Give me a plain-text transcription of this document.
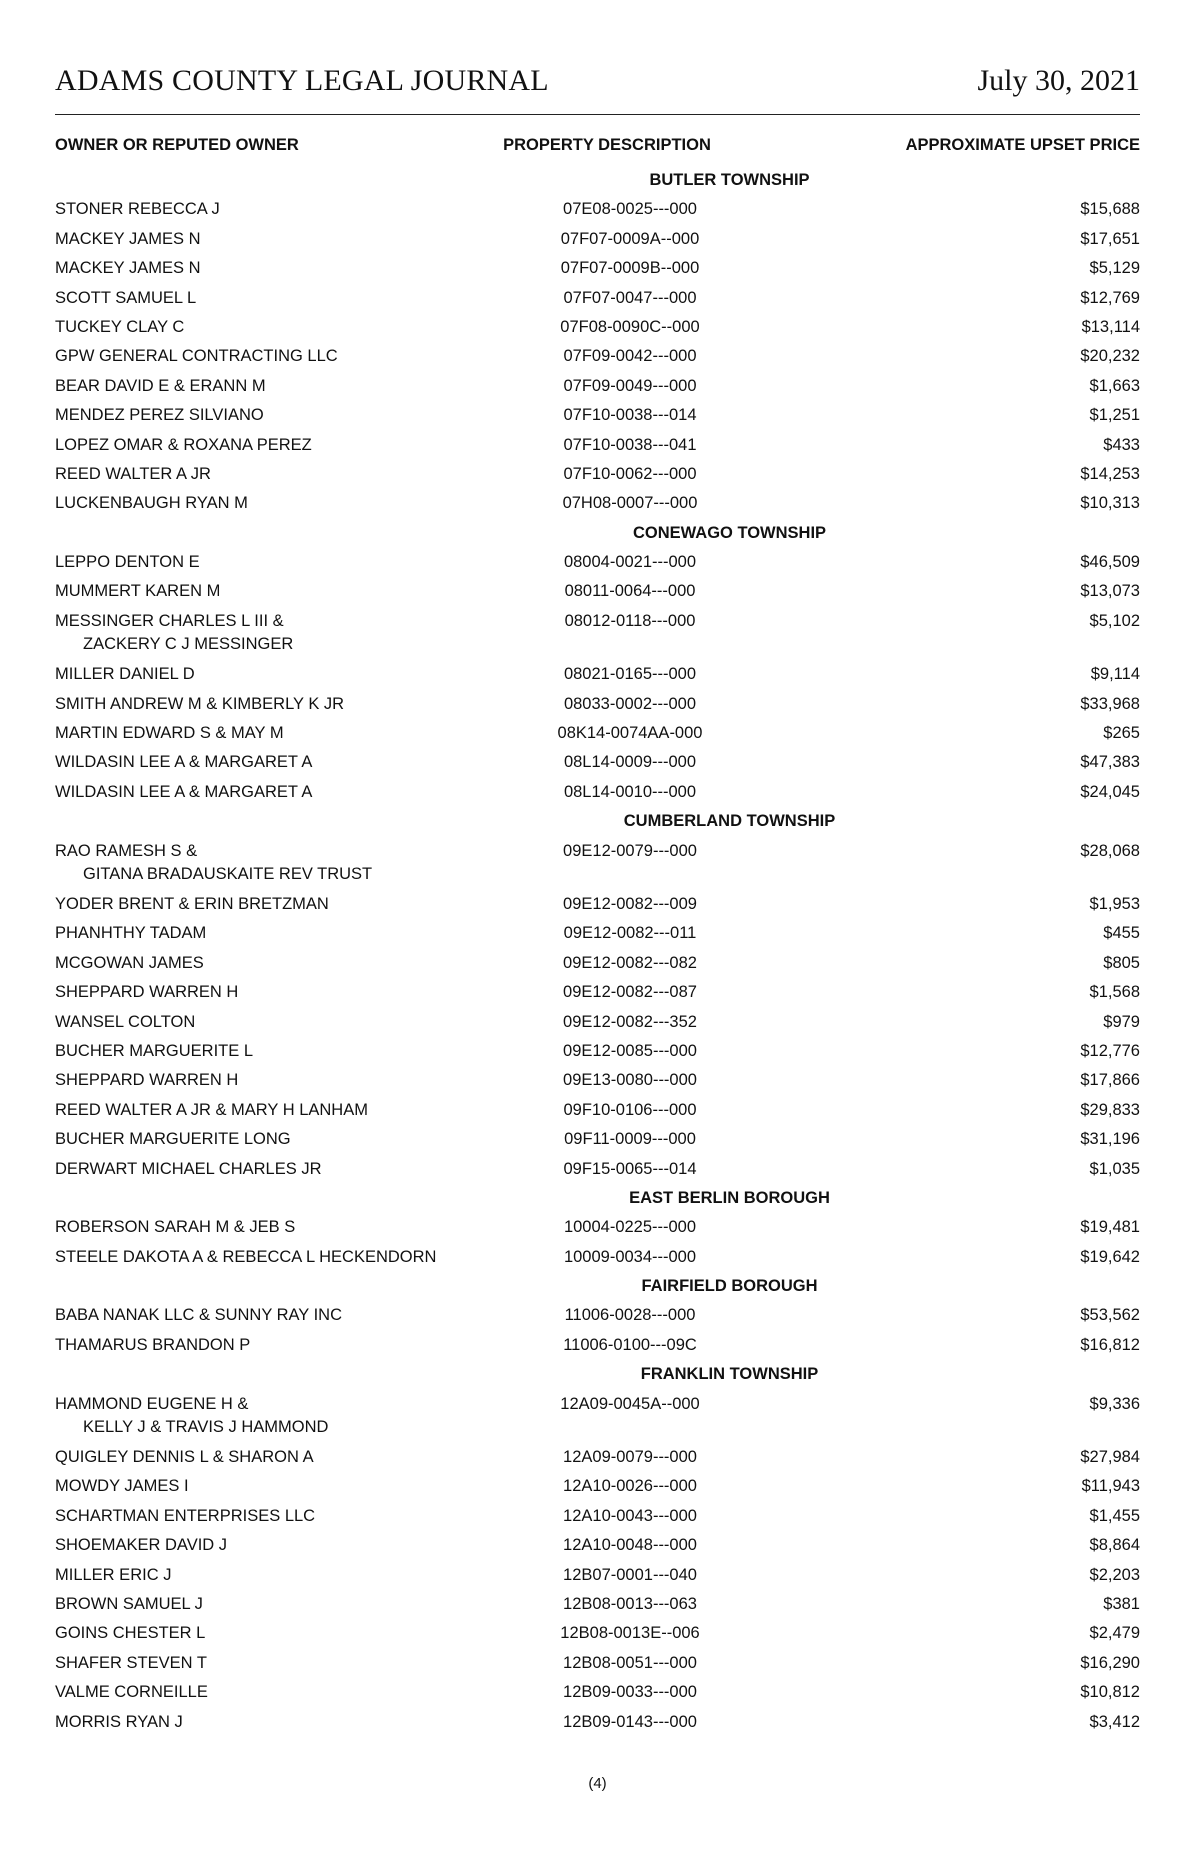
ADAMS COUNTY LEGAL JOURNAL	July 30, 2021
OWNER OR REPUTED OWNER	PROPERTY DESCRIPTION	APPROXIMATE UPSET PRICE
BUTLER TOWNSHIP
STONER REBECCA J	07E08-0025---000	$15,688
MACKEY JAMES N	07F07-0009A--000	$17,651
MACKEY JAMES N	07F07-0009B--000	$5,129
SCOTT SAMUEL L	07F07-0047---000	$12,769
TUCKEY CLAY C	07F08-0090C--000	$13,114
GPW GENERAL CONTRACTING LLC	07F09-0042---000	$20,232
BEAR DAVID E & ERANN M	07F09-0049---000	$1,663
MENDEZ PEREZ SILVIANO	07F10-0038---014	$1,251
LOPEZ OMAR & ROXANA PEREZ	07F10-0038---041	$433
REED WALTER A JR	07F10-0062---000	$14,253
LUCKENBAUGH RYAN M	07H08-0007---000	$10,313
CONEWAGO TOWNSHIP
LEPPO DENTON E	08004-0021---000	$46,509
MUMMERT KAREN M	08011-0064---000	$13,073
MESSINGER CHARLES L III &
ZACKERY C J MESSINGER
08012-0118---000	$5,102
MILLER DANIEL D	08021-0165---000	$9,114
SMITH ANDREW M & KIMBERLY K JR	08033-0002---000	$33,968
MARTIN EDWARD S & MAY M	08K14-0074AA-000	$265
WILDASIN LEE A & MARGARET A	08L14-0009---000	$47,383
WILDASIN LEE A & MARGARET A	08L14-0010---000	$24,045
CUMBERLAND TOWNSHIP
RAO RAMESH S &
GITANA BRADAUSKAITE REV TRUST
09E12-0079---000	$28,068
YODER BRENT & ERIN BRETZMAN	09E12-0082---009	$1,953
PHANHTHY TADAM	09E12-0082---011	$455
MCGOWAN JAMES	09E12-0082---082	$805
SHEPPARD WARREN H	09E12-0082---087	$1,568
WANSEL COLTON	09E12-0082---352	$979
BUCHER MARGUERITE L	09E12-0085---000	$12,776
SHEPPARD WARREN H	09E13-0080---000	$17,866
REED WALTER A JR & MARY H LANHAM	09F10-0106---000	$29,833
BUCHER MARGUERITE LONG	09F11-0009---000	$31,196
DERWART MICHAEL CHARLES JR	09F15-0065---014	$1,035
EAST BERLIN BOROUGH
ROBERSON SARAH M & JEB S	10004-0225---000	$19,481
STEELE DAKOTA A & REBECCA L HECKENDORN	10009-0034---000	$19,642
FAIRFIELD BOROUGH
BABA NANAK LLC & SUNNY RAY INC	11006-0028---000	$53,562
THAMARUS BRANDON P	11006-0100---09C	$16,812
FRANKLIN TOWNSHIP
HAMMOND EUGENE H &
KELLY J & TRAVIS J HAMMOND
12A09-0045A--000	$9,336
QUIGLEY DENNIS L & SHARON A	12A09-0079---000	$27,984
MOWDY JAMES I	12A10-0026---000	$11,943
SCHARTMAN ENTERPRISES LLC	12A10-0043---000	$1,455
SHOEMAKER DAVID J	12A10-0048---000	$8,864
MILLER ERIC J	12B07-0001---040	$2,203
BROWN SAMUEL J	12B08-0013---063	$381
GOINS CHESTER L	12B08-0013E--006	$2,479
SHAFER STEVEN T	12B08-0051---000	$16,290
VALME CORNEILLE	12B09-0033---000	$10,812
MORRIS RYAN J	12B09-0143---000	$3,412
(4)
